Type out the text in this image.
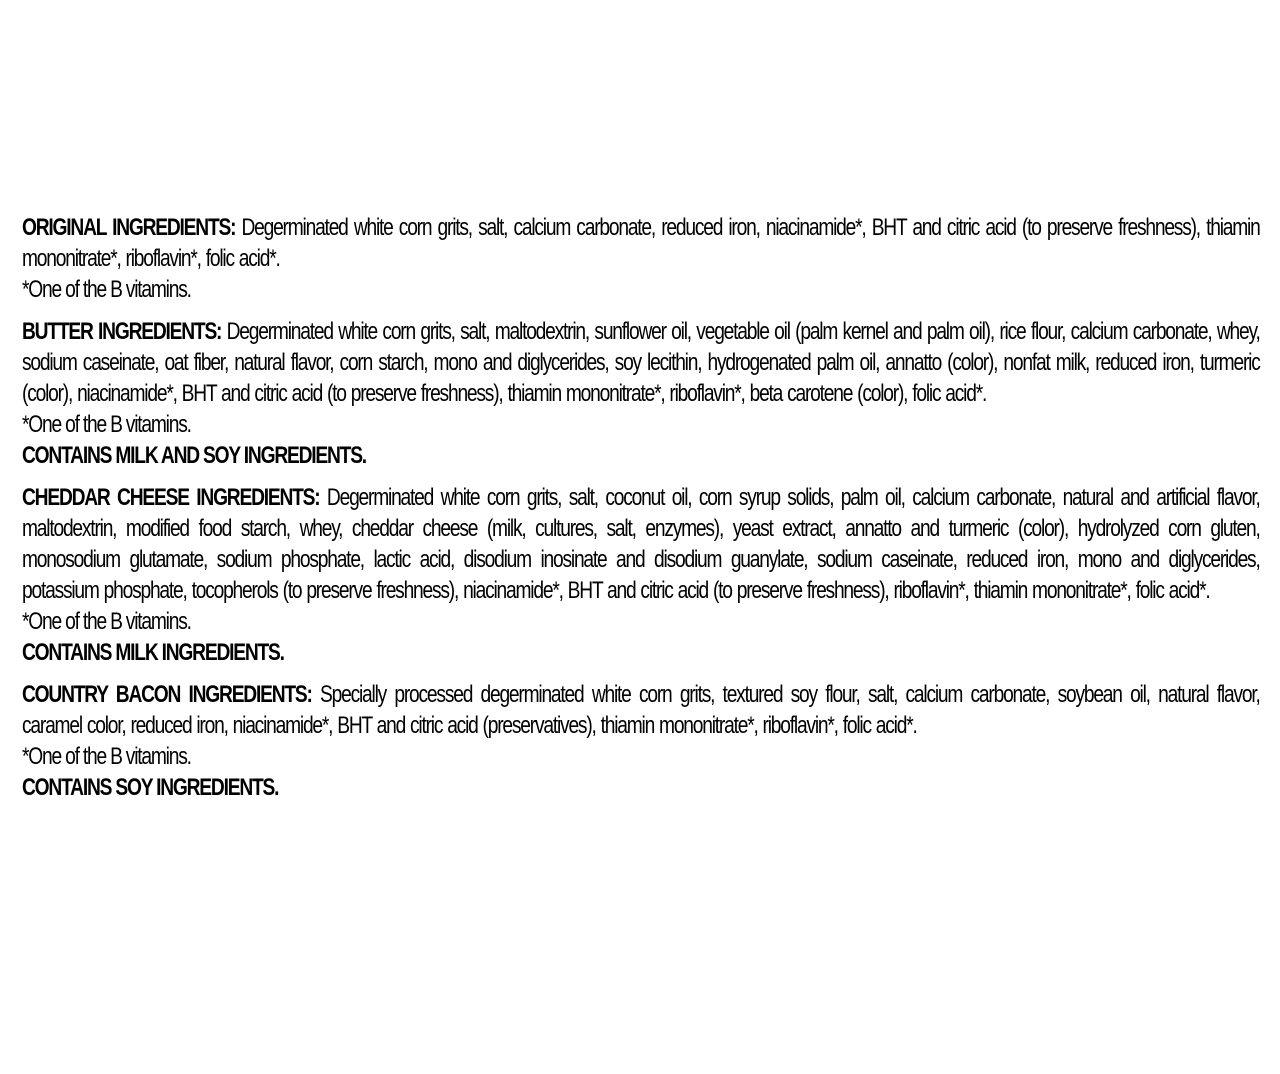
ORIGINAL INGREDIENTS: Degerminated white corn grits, salt, calcium carbonate, reduced iron, niacinamide*, BHT and citric acid (to preserve freshness), thiamin mononitrate*, riboflavin*, folic acid*.

*One of the B vitamins.

BUTTER INGREDIENTS: Degerminated white corn grits, salt, maltodextrin, sunflower oil, vegetable oil (palm kernel and palm oil), rice flour, calcium carbonate, whey, sodium caseinate, oat fiber, natural flavor, corn starch, mono and diglycerides, soy lecithin, hydrogenated palm oil, annatto (color), nonfat milk, reduced iron, turmeric (color), niacinamide*, BHT and citric acid (to preserve freshness), thiamin mononitrate*, riboflavin*, beta carotene (color), folic acid*.

*One of the B vitamins.
CONTAINS MILK AND SOY INGREDIENTS.

CHEDDAR CHEESE INGREDIENTS: Degerminated white corn grits, salt, coconut oil, corn syrup solids, palm oil, calcium carbonate, natural and artificial flavor, maltodextrin, modified food starch, whey, cheddar cheese (milk, cultures, salt, enzymes), yeast extract, annatto and turmeric (color), hydrolyzed corn gluten, monosodium glutamate, sodium phosphate, lactic acid, disodium inosinate and disodium guanylate, sodium caseinate, reduced iron, mono and diglycerides, potassium phosphate, tocopherols (to preserve freshness), niacinamide*, BHT and citric acid (to preserve freshness), riboflavin*, thiamin mononitrate*, folic acid*.

*One of the B vitamins.
CONTAINS MILK INGREDIENTS.

COUNTRY BACON INGREDIENTS: Specially processed degerminated white corn grits, textured soy flour, salt, calcium carbonate, soybean oil, natural flavor, caramel color, reduced iron, niacinamide*, BHT and citric acid (preservatives), thiamin mononitrate*, riboflavin*, folic acid*.

*One of the B vitamins.
CONTAINS SOY INGREDIENTS.
